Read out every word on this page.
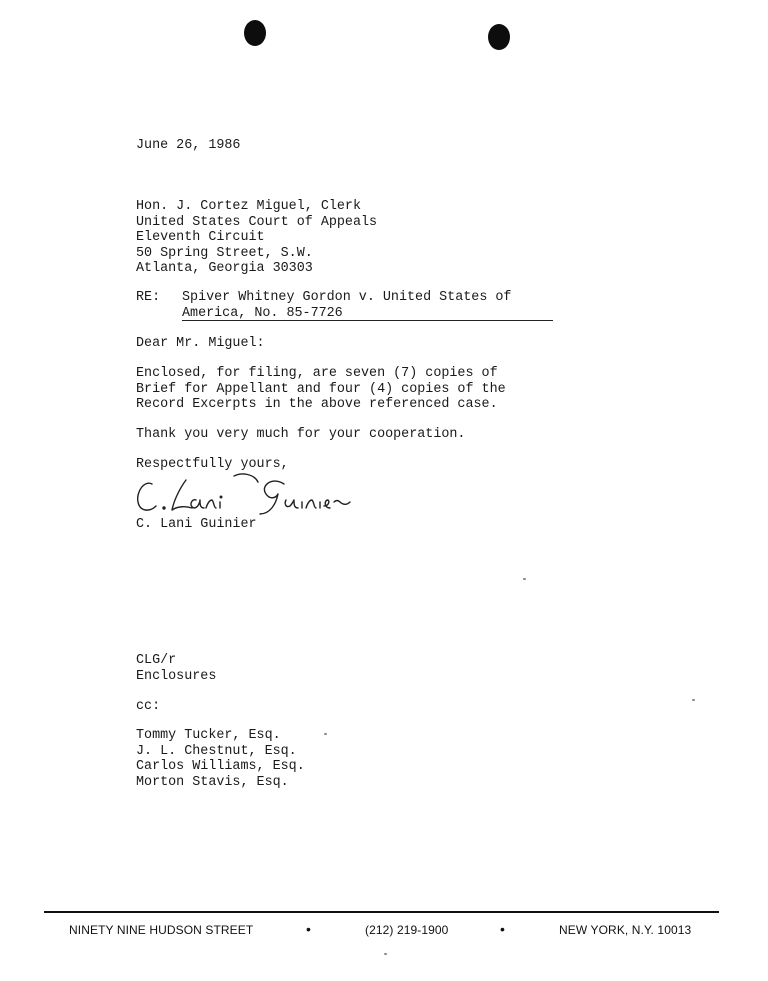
June 26, 1986
Hon. J. Cortez Miguel, Clerk
United States Court of Appeals
Eleventh Circuit
50 Spring Street, S.W.
Atlanta, Georgia 30303
RE: Spiver Whitney Gordon v. United States of
America, No. 85-7726
Dear Mr. Miguel:
Enclosed, for filing, are seven (7) copies of
Brief for Appellant and four (4) copies of the
Record Excerpts in the above referenced case.
Thank you very much for your cooperation.
Respectfully yours,
C. Lani Guinier
CLG/r
Enclosures
cc:
Tommy Tucker, Esq.
J. L. Chestnut, Esq.
Carlos Williams, Esq.
Morton Stavis, Esq.
NINETY NINE HUDSON STREET	•	(212) 219-1900	•	NEW YORK, N.Y. 10013
